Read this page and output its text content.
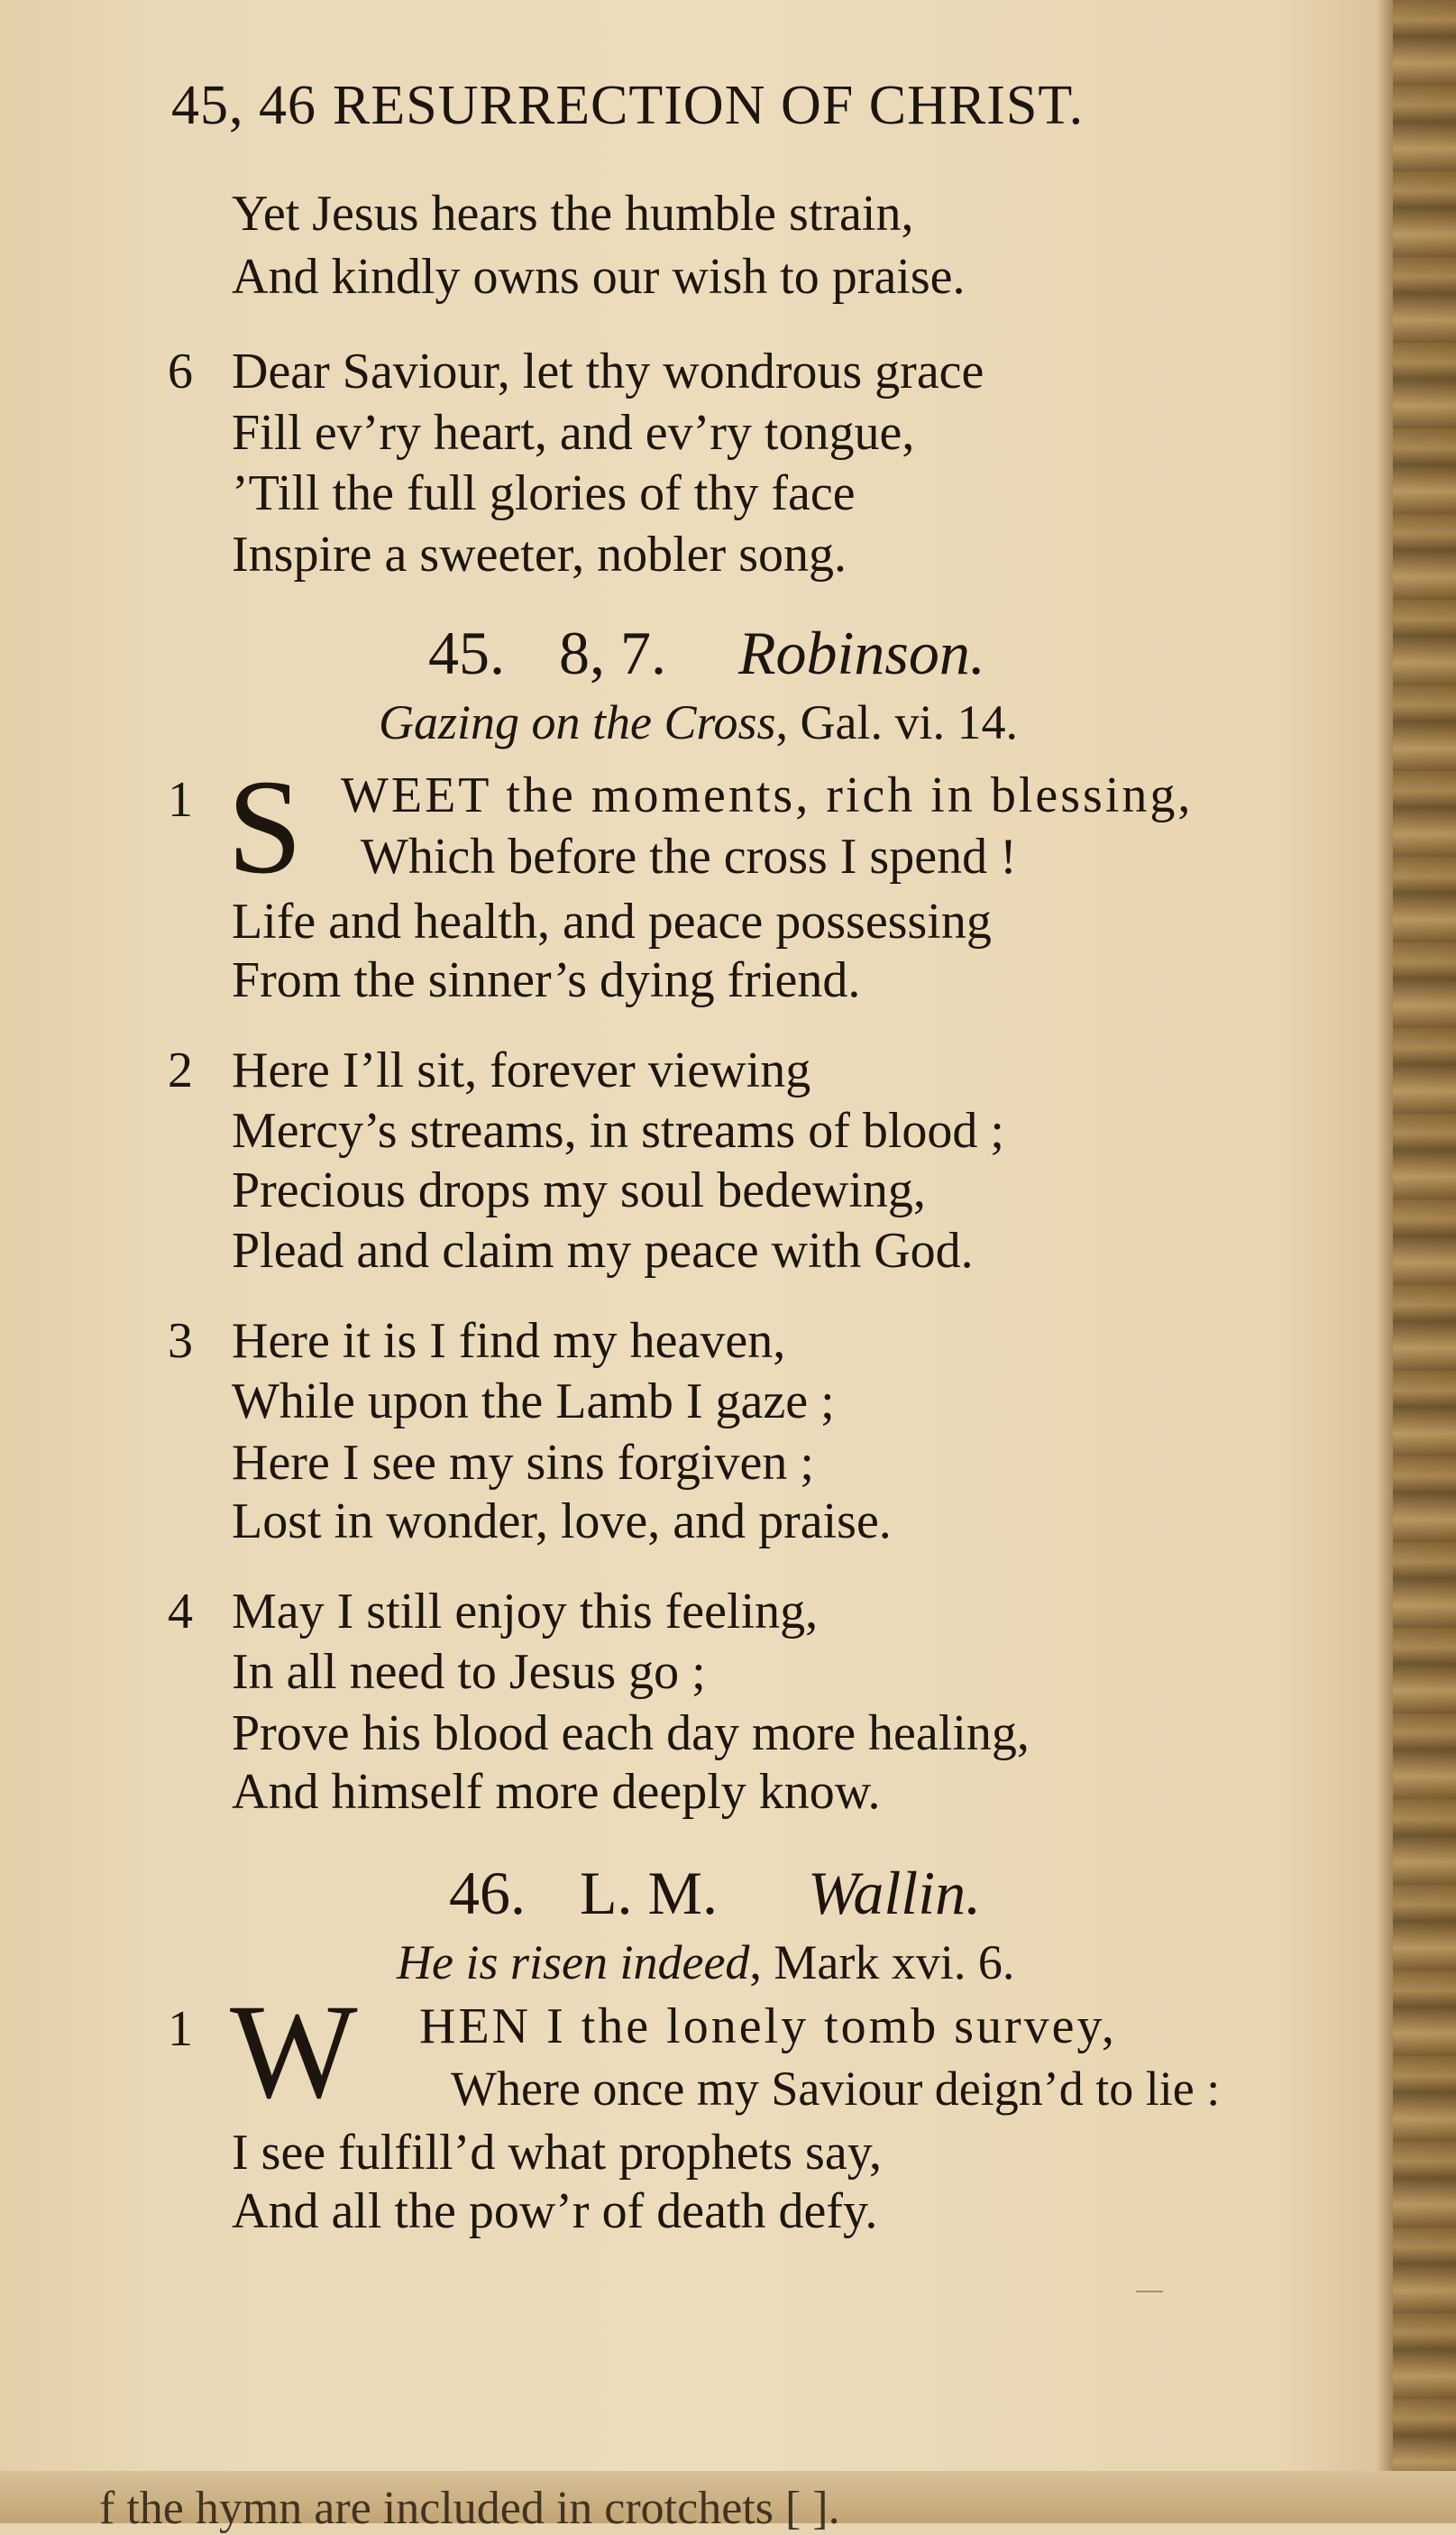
45, 46 RESURRECTION OF CHRIST.
Yet Jesus hears the humble strain,
And kindly owns our wish to praise.
6 Dear Saviour, let thy wondrous grace
Fill ev’ry heart, and ev’ry tongue,
’Till the full glories of thy face
Inspire a sweeter, nobler song.
45. 8, 7. Robinson.
Gazing on the Cross, Gal. vi. 14.
1 S WEET the moments, rich in blessing,
Which before the cross I spend !
Life and health, and peace possessing
From the sinner’s dying friend.
2 Here I’ll sit, forever viewing
Mercy’s streams, in streams of blood ;
Precious drops my soul bedewing,
Plead and claim my peace with God.
3 Here it is I find my heaven,
While upon the Lamb I gaze ;
Here I see my sins forgiven ;
Lost in wonder, love, and praise.
4 May I still enjoy this feeling,
In all need to Jesus go ;
Prove his blood each day more healing,
And himself more deeply know.
46. L. M. Wallin.
He is risen indeed, Mark xvi. 6.
1 W HEN I the lonely tomb survey,
Where once my Saviour deign’d to lie :
I see fulfill’d what prophets say,
And all the pow’r of death defy.
f the hymn are included in crotchets [ ].
